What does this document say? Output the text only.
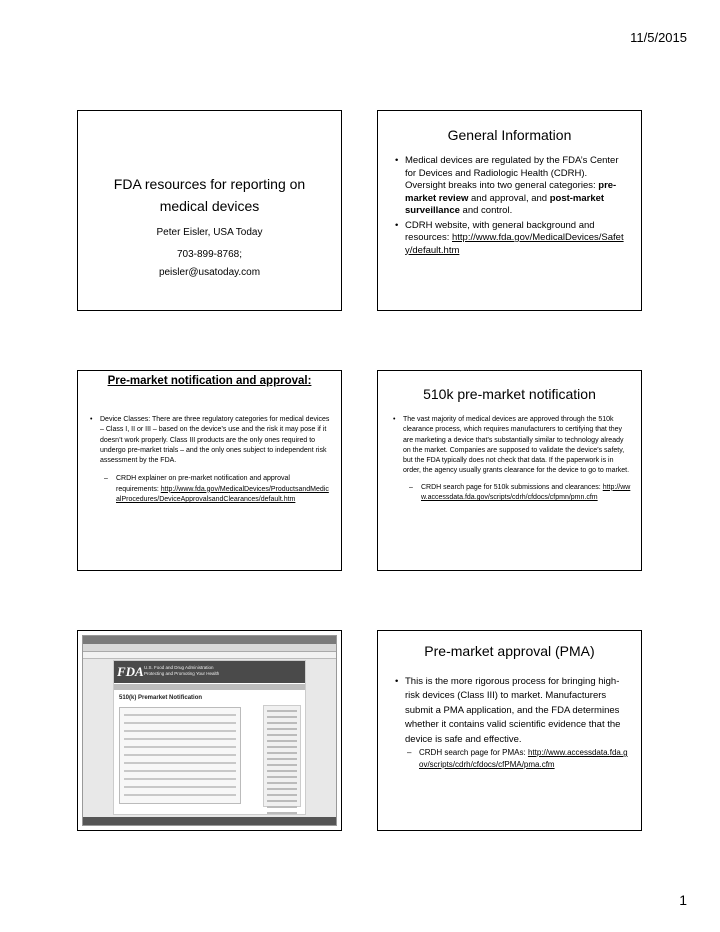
11/5/2015
FDA resources for reporting on
medical devices
Peter Eisler, USA Today
703-899-8768;
peisler@usatoday.com
General Information
• Medical devices are regulated by the FDA’s Center for Devices and Radiologic Health (CDRH). Oversight breaks into two general categories: pre-market review and approval, and post-market surveillance and control.
• CDRH website, with general background and resources: http://www.fda.gov/MedicalDevices/Safety/default.htm
Pre-market notification and approval:
• Device Classes: There are three regulatory categories for medical devices – Class I, II or III – based on the device’s use and the risk it may pose if it doesn’t work properly. Class III products are the only ones required to undergo pre-market trials – and the only ones subject to independent risk assessment by the FDA.
– CRDH explainer on pre-market notification and approval requirements: http://www.fda.gov/MedicalDevices/ProductsandMedicalProcedures/DeviceApprovalsandClearances/default.htm
510k pre-market notification
• The vast majority of medical devices are approved through the 510k clearance process, which requires manufacturers to certifying that they are marketing a device that’s substantially similar to technology already on the market. Companies are supposed to validate the device’s safety, but the FDA typically does not check that data. If the paperwork is in order, the agency usually grants clearance for the device to go to market.
– CRDH search page for 510k submissions and clearances: http://www.accessdata.fda.gov/scripts/cdrh/cfdocs/cfpmn/pmn.cfm
FDA U.S. Food and Drug Administration
Protecting and Promoting Your Health
510(k) Premarket Notification
Pre-market approval (PMA)
• This is the more rigorous process for bringing high-risk devices (Class III) to market. Manufacturers submit a PMA application, and the FDA determines whether it contains valid scientific evidence that the device is safe and effective.
– CRDH search page for PMAs: http://www.accessdata.fda.gov/scripts/cdrh/cfdocs/cfPMA/pma.cfm
1
